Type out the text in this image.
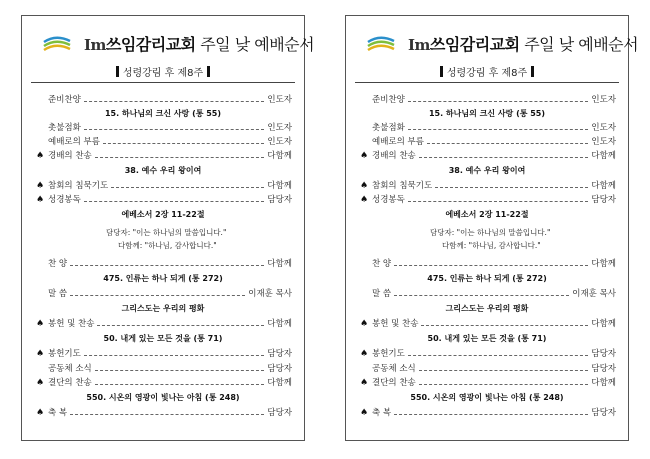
Im쓰임감리교회 주일 낮 예배순서
성령강림 후 제8주
준비찬양	인도자
15. 하나님의 크신 사랑 (통 55)
촛불점화	인도자
예배로의 부름	인도자
♠ 경배의 찬송	다함께
38. 예수 우리 왕이여
♠ 참회의 침묵기도	다함께
♠ 성경봉독	담당자
에베소서 2장 11-22절
담당자: "이는 하나님의 말씀입니다."
다함께: "하나님, 감사합니다."
찬 양	다함께
475. 인류는 하나 되게 (통 272)
말 씀	이재훈 목사
그리스도는 우리의 평화
♠ 봉헌 및 찬송	다함께
50. 내게 있는 모든 것을 (통 71)
♠ 봉헌기도	담당자
공동체 소식	담당자
♠ 결단의 찬송	다함께
550. 시온의 영광이 빛나는 아침 (통 248)
♠ 축 복	담당자
Im쓰임감리교회 주일 낮 예배순서
성령강림 후 제8주
준비찬양	인도자
15. 하나님의 크신 사랑 (통 55)
촛불점화	인도자
예배로의 부름	인도자
♠ 경배의 찬송	다함께
38. 예수 우리 왕이여
♠ 참회의 침묵기도	다함께
♠ 성경봉독	담당자
에베소서 2장 11-22절
담당자: "이는 하나님의 말씀입니다."
다함께: "하나님, 감사합니다."
찬 양	다함께
475. 인류는 하나 되게 (통 272)
말 씀	이재훈 목사
그리스도는 우리의 평화
♠ 봉헌 및 찬송	다함께
50. 내게 있는 모든 것을 (통 71)
♠ 봉헌기도	담당자
공동체 소식	담당자
♠ 결단의 찬송	다함께
550. 시온의 영광이 빛나는 아침 (통 248)
♠ 축 복	담당자
